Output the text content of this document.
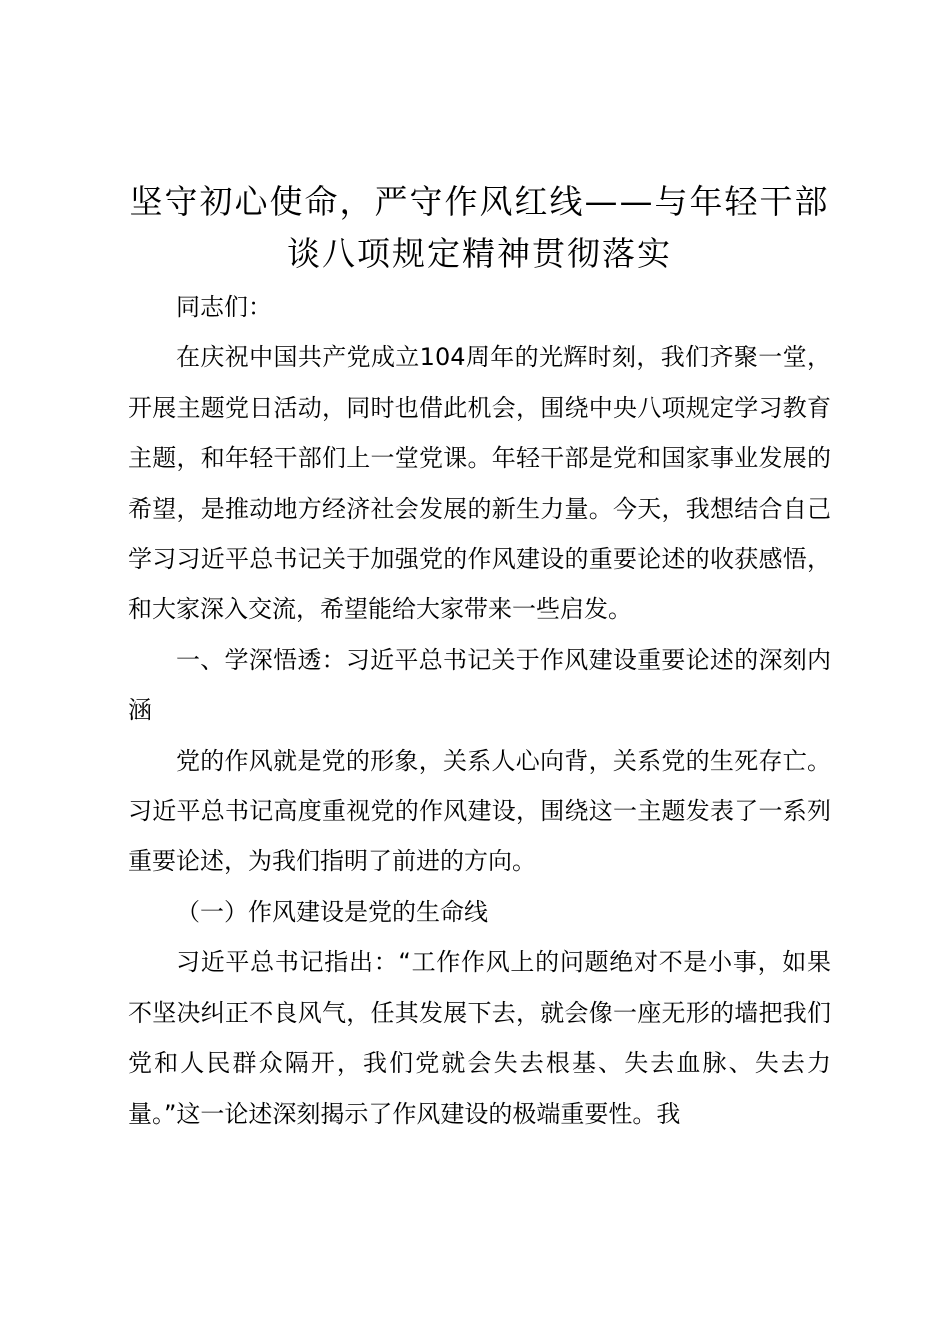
坚守初心使命，严守作风红线——与年轻干部
谈八项规定精神贯彻落实

同志们：

在庆祝中国共产党成立104周年的光辉时刻，我们齐聚一堂，开展主题党日活动，同时也借此机会，围绕中央八项规定学习教育主题，和年轻干部们上一堂党课。年轻干部是党和国家事业发展的希望，是推动地方经济社会发展的新生力量。今天，我想结合自己学习习近平总书记关于加强党的作风建设的重要论述的收获感悟，和大家深入交流，希望能给大家带来一些启发。

一、学深悟透：习近平总书记关于作风建设重要论述的深刻内涵

党的作风就是党的形象，关系人心向背，关系党的生死存亡。习近平总书记高度重视党的作风建设，围绕这一主题发表了一系列重要论述，为我们指明了前进的方向。

（一）作风建设是党的生命线

习近平总书记指出：“工作作风上的问题绝对不是小事，如果不坚决纠正不良风气，任其发展下去，就会像一座无形的墙把我们党和人民群众隔开，我们党就会失去根基、失去血脉、失去力量。”这一论述深刻揭示了作风建设的极端重要性。我
